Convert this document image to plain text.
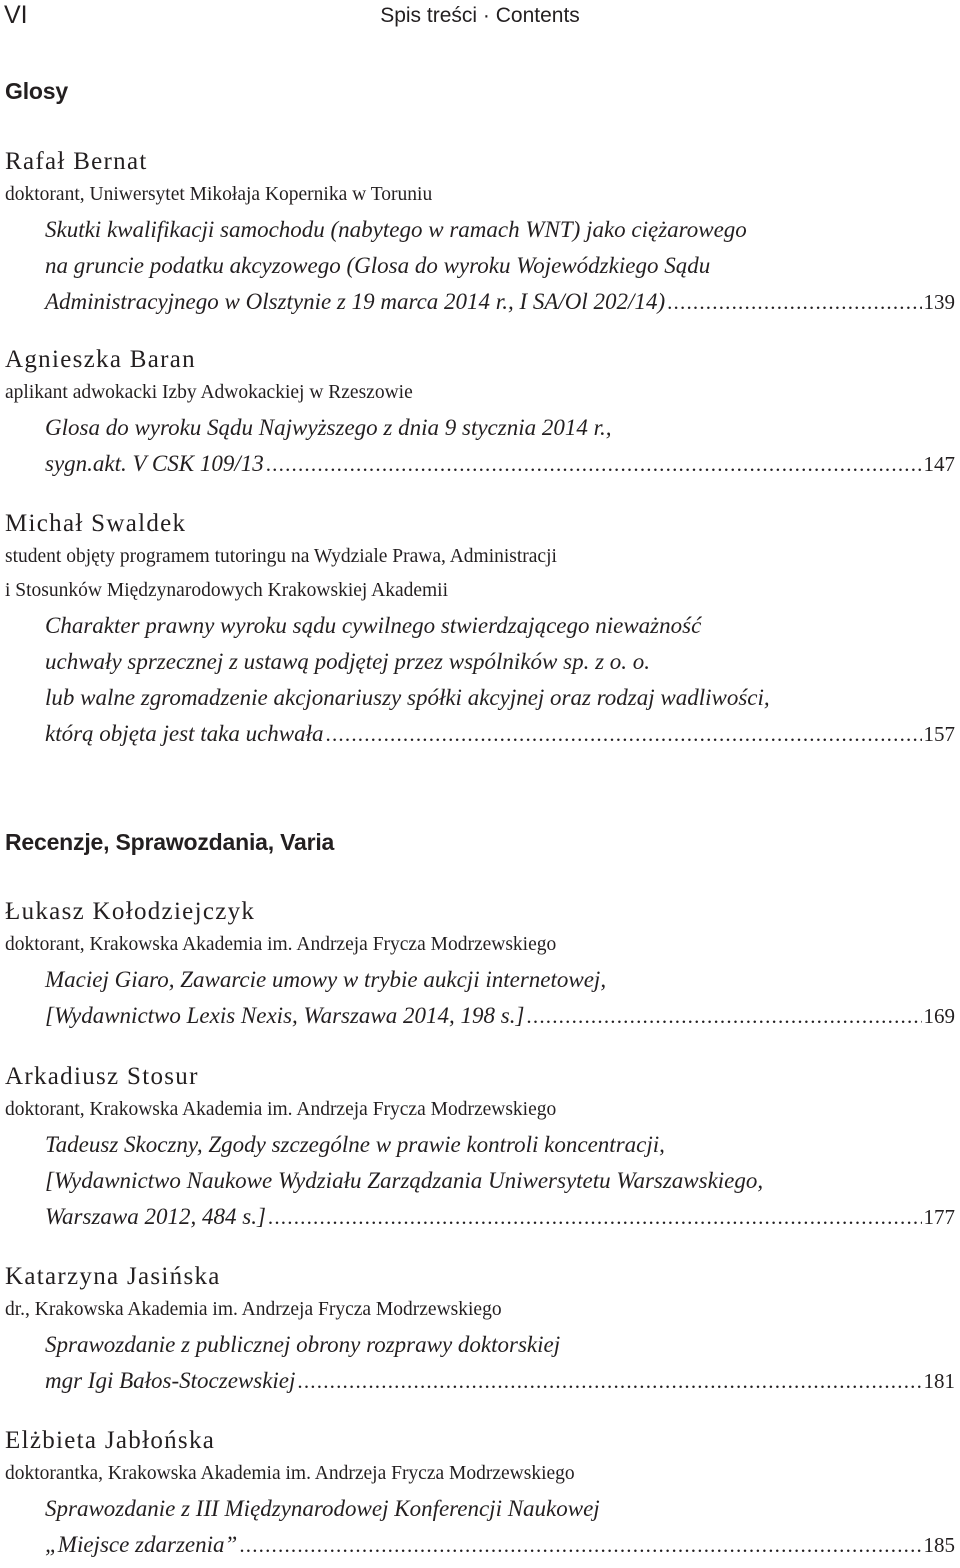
VI	Spis treści · Contents
Glosy
Rafał Bernat
doktorant, Uniwersytet Mikołaja Kopernika w Toruniu
Skutki kwalifikacji samochodu (nabytego w ramach WNT) jako ciężarowego
na gruncie podatku akcyzowego (Glosa do wyroku Wojewódzkiego Sądu
Administracyjnego w Olsztynie z 19 marca 2014 r., I SA/Ol 202/14) .....	139
Agnieszka Baran
aplikant adwokacki Izby Adwokackiej w Rzeszowie
Glosa do wyroku Sądu Najwyższego z dnia 9 stycznia 2014 r.,
sygn.akt. V CSK 109/13 .....	147
Michał Swaldek
student objęty programem tutoringu na Wydziale Prawa, Administracji
i Stosunków Międzynarodowych Krakowskiej Akademii
Charakter prawny wyroku sądu cywilnego stwierdzającego nieważność
uchwały sprzecznej z ustawą podjętej przez wspólników sp. z o. o.
lub walne zgromadzenie akcjonariuszy spółki akcyjnej oraz rodzaj wadliwości,
którą objęta jest taka uchwała .....	157
Recenzje, Sprawozdania, Varia
Łukasz Kołodziejczyk
doktorant, Krakowska Akademia im. Andrzeja Frycza Modrzewskiego
Maciej Giaro, Zawarcie umowy w trybie aukcji internetowej,
[Wydawnictwo Lexis Nexis, Warszawa 2014, 198 s.] .....	169
Arkadiusz Stosur
doktorant, Krakowska Akademia im. Andrzeja Frycza Modrzewskiego
Tadeusz Skoczny, Zgody szczególne w prawie kontroli koncentracji,
[Wydawnictwo Naukowe Wydziału Zarządzania Uniwersytetu Warszawskiego,
Warszawa 2012, 484 s.] .....	177
Katarzyna Jasińska
dr., Krakowska Akademia im. Andrzeja Frycza Modrzewskiego
Sprawozdanie z publicznej obrony rozprawy doktorskiej
mgr Igi Bałos-Stoczewskiej .....	181
Elżbieta Jabłońska
doktorantka, Krakowska Akademia im. Andrzeja Frycza Modrzewskiego
Sprawozdanie z III Międzynarodowej Konferencji Naukowej
„Miejsce zdarzenia” .....	185
